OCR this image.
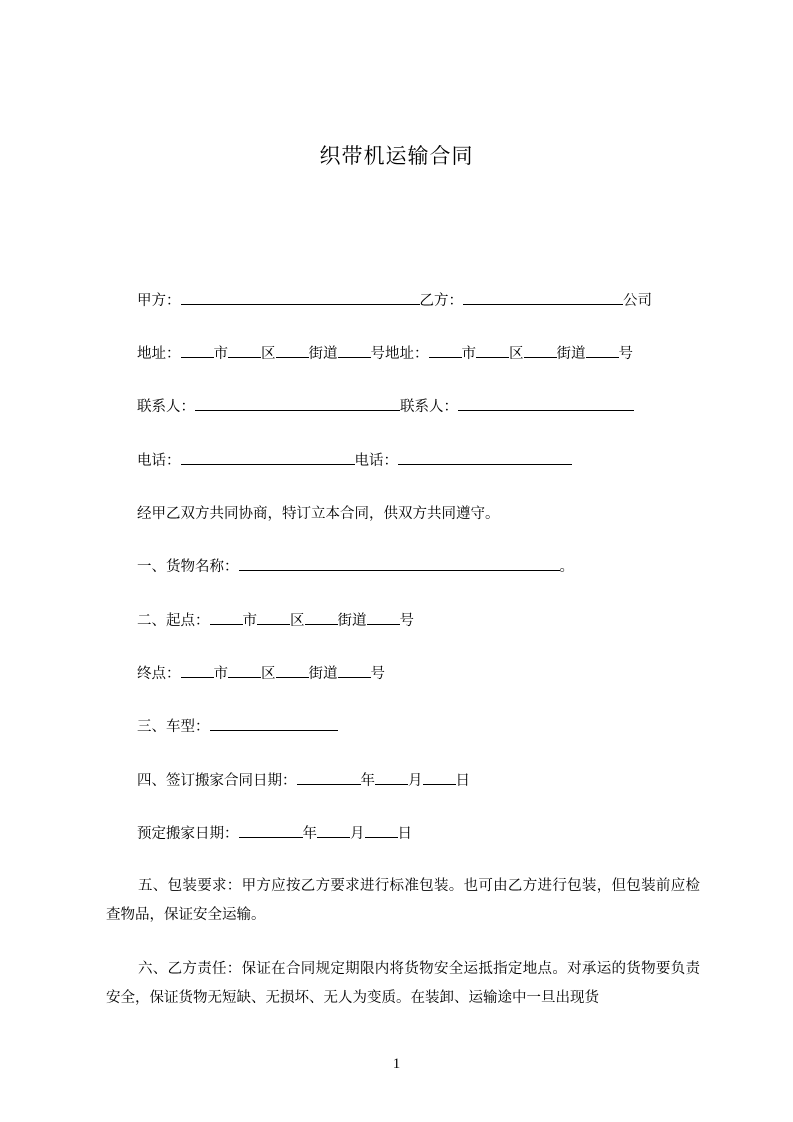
织带机运输合同
甲方：	乙方：	公司
地址： 市 区 街道 号地址： 市 区 街道 号
联系人：	联系人：
电话：	电话：
经甲乙双方共同协商，特订立本合同，供双方共同遵守。
一、货物名称：	。
二、起点： 市 区 街道 号
终点： 市 区 街道 号
三、车型：
四、签订搬家合同日期：	年 月 日
预定搬家日期：	年 月 日
五、包装要求：甲方应按乙方要求进行标准包装。也可由乙方进行包装，但包装前应检查物品，保证安全运输。
六、乙方责任：保证在合同规定期限内将货物安全运抵指定地点。对承运的货物要负责安全，保证货物无短缺、无损坏、无人为变质。在装卸、运输途中一旦出现货
1
